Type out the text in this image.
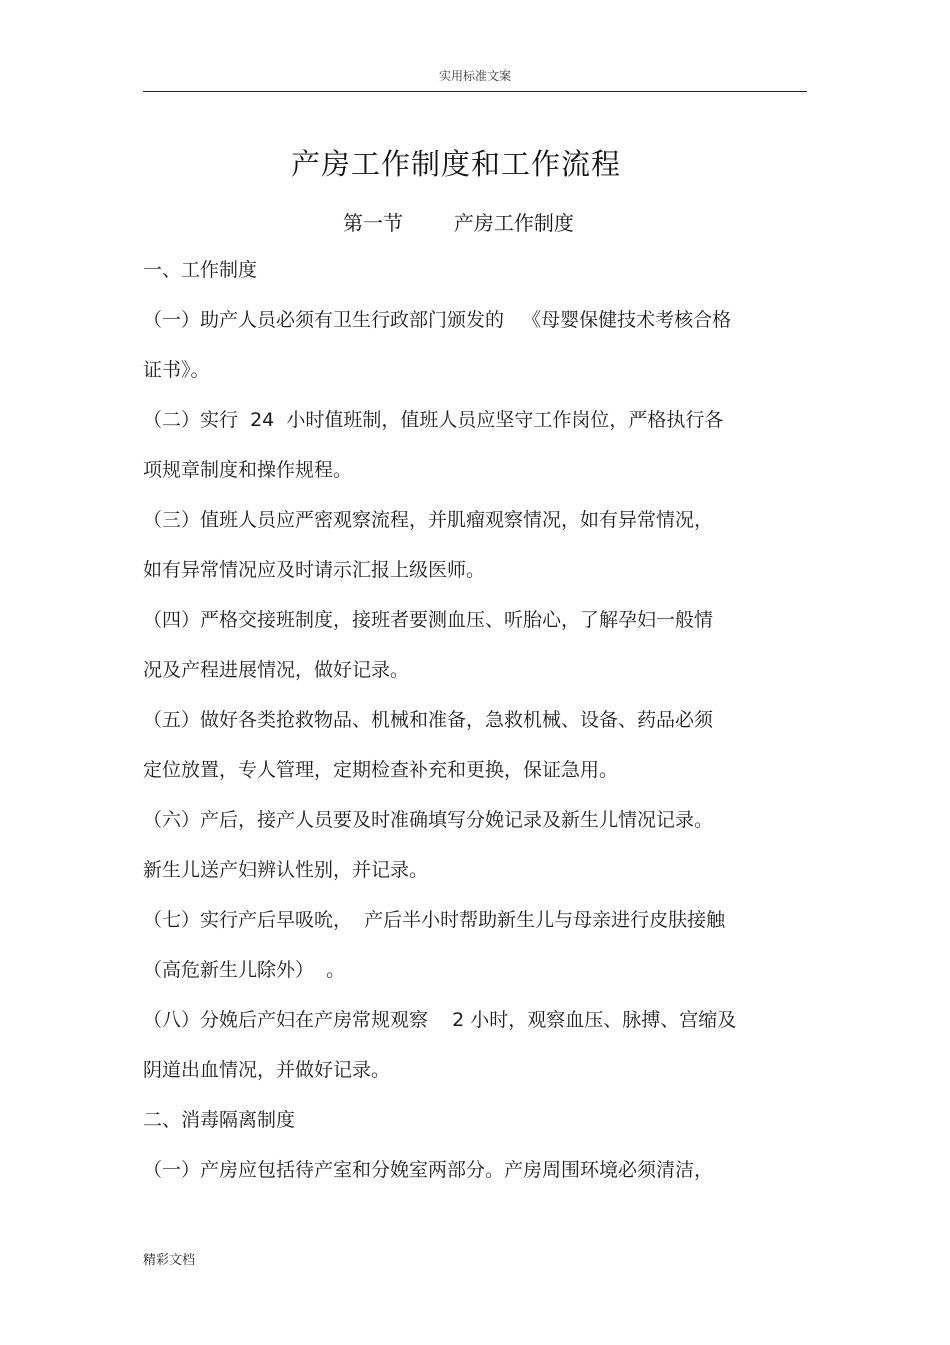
实用标准文案
产房工作制度和工作流程
第一节        产房工作制度
一、工作制度
（一）助产人员必须有卫生行政部门颁发的   《母婴保健技术考核合格
证书》。
（二）实行  24  小时值班制，值班人员应坚守工作岗位，严格执行各
项规章制度和操作规程。
（三）值班人员应严密观察流程，并肌瘤观察情况，如有异常情况，
如有异常情况应及时请示汇报上级医师。
（四）严格交接班制度，接班者要测血压、听胎心，了解孕妇一般情
况及产程进展情况，做好记录。
（五）做好各类抢救物品、机械和准备，急救机械、设备、药品必须
定位放置，专人管理，定期检查补充和更换，保证急用。
（六）产后，接产人员要及时准确填写分娩记录及新生儿情况记录。
新生儿送产妇辨认性别，并记录。
（七）实行产后早吸吮，  产后半小时帮助新生儿与母亲进行皮肤接触
（高危新生儿除外）  。
（八）分娩后产妇在产房常规观察    2 小时，观察血压、脉搏、宫缩及
阴道出血情况，并做好记录。
二、消毒隔离制度
（一）产房应包括待产室和分娩室两部分。产房周围环境必须清洁，
精彩文档
